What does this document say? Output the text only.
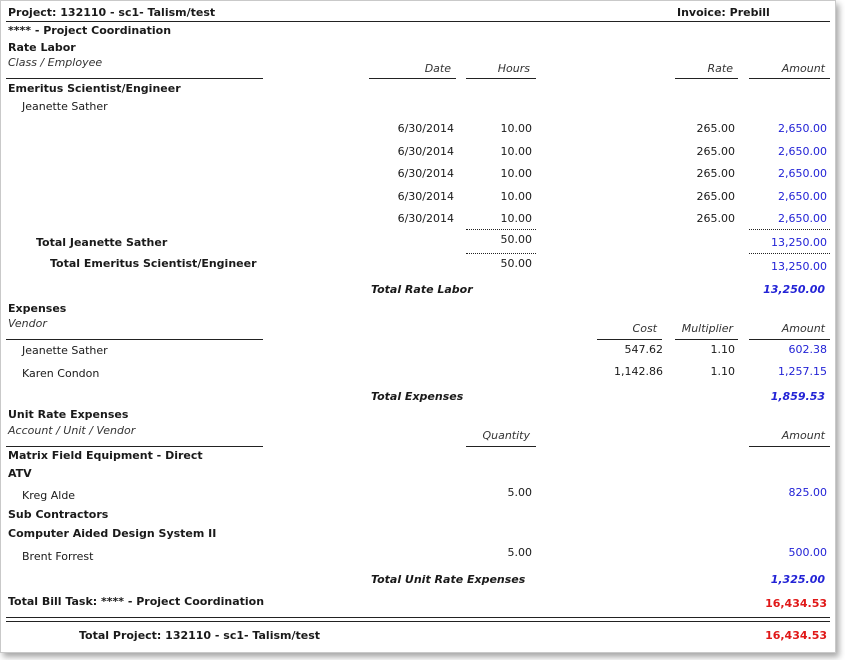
Project: 132110 - sc1- Talism/test	Invoice: Prebill
**** - Project Coordination
Rate Labor
Class / Employee	Date	Hours	Rate	Amount
Emeritus Scientist/Engineer
Jeanette Sather
6/30/2014	10.00	265.00	2,650.00
6/30/2014	10.00	265.00	2,650.00
6/30/2014	10.00	265.00	2,650.00
6/30/2014	10.00	265.00	2,650.00
6/30/2014	10.00	265.00	2,650.00
Total Jeanette Sather	50.00	13,250.00
Total Emeritus Scientist/Engineer	50.00	13,250.00
Total Rate Labor	13,250.00
Expenses
Vendor	Cost	Multiplier	Amount
Jeanette Sather	547.62	1.10	602.38
Karen Condon	1,142.86	1.10	1,257.15
Total Expenses	1,859.53
Unit Rate Expenses
Account / Unit / Vendor	Quantity	Amount
Matrix Field Equipment - Direct
ATV
Kreg Alde	5.00	825.00
Sub Contractors
Computer Aided Design System II
Brent Forrest	5.00	500.00
Total Unit Rate Expenses	1,325.00
Total Bill Task: **** - Project Coordination	16,434.53
Total Project: 132110 - sc1- Talism/test	16,434.53
